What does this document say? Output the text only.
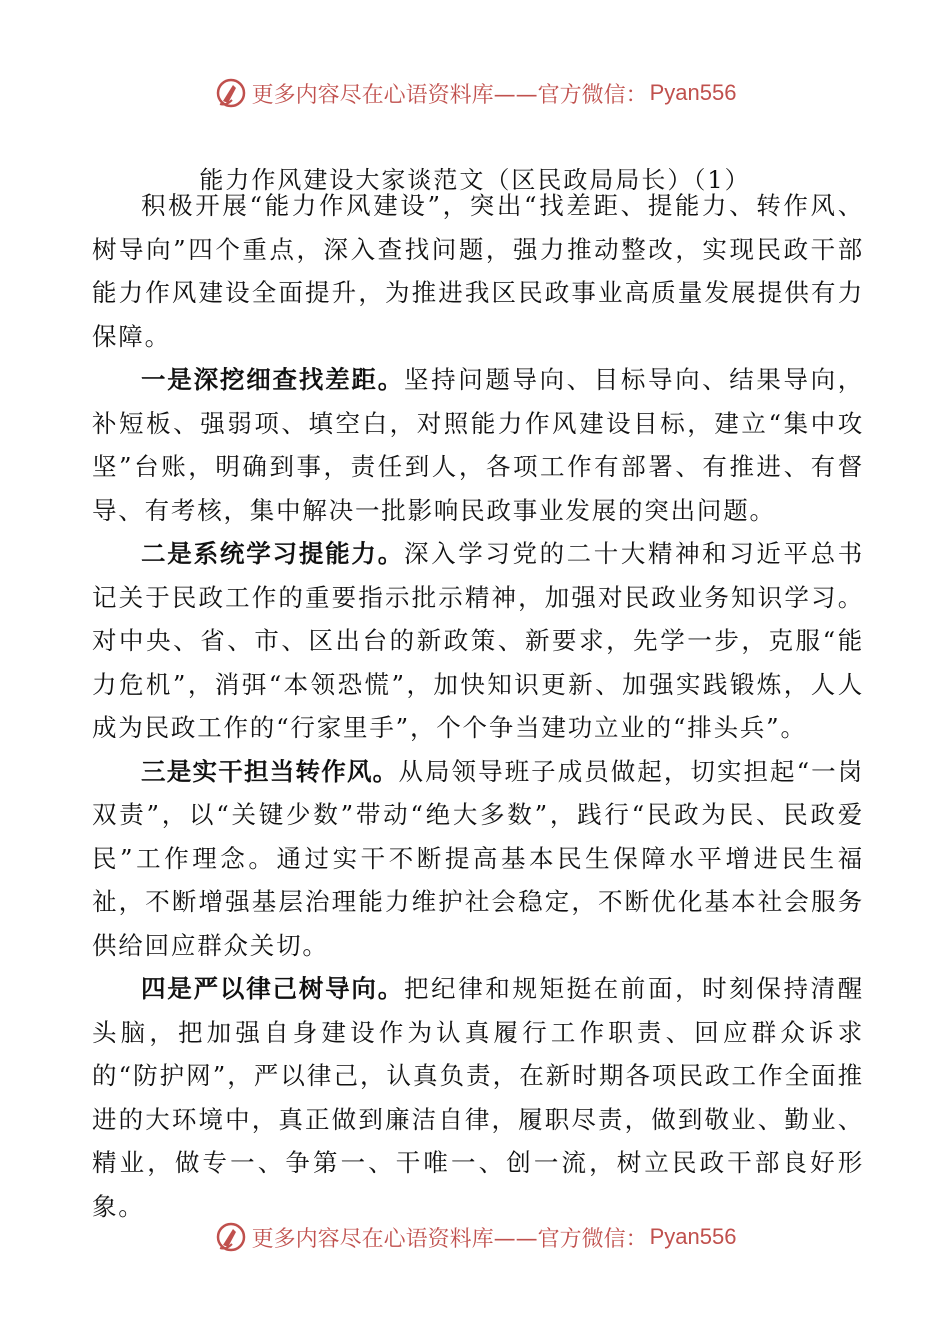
更多内容尽在心语资料库——官方微信： Pyan556
能力作风建设大家谈范文（区民政局局长）（1）

积极开展“能力作风建设”，突出“找差距、提能力、转作风、树导向”四个重点，深入查找问题，强力推动整改，实现民政干部能力作风建设全面提升，为推进我区民政事业高质量发展提供有力保障。

一是深挖细查找差距。坚持问题导向、目标导向、结果导向，补短板、强弱项、填空白，对照能力作风建设目标，建立“集中攻坚”台账，明确到事，责任到人，各项工作有部署、有推进、有督导、有考核，集中解决一批影响民政事业发展的突出问题。

二是系统学习提能力。深入学习党的二十大精神和习近平总书记关于民政工作的重要指示批示精神，加强对民政业务知识学习。对中央、省、市、区出台的新政策、新要求，先学一步，克服“能力危机”，消弭“本领恐慌”，加快知识更新、加强实践锻炼，人人成为民政工作的“行家里手”，个个争当建功立业的“排头兵”。

三是实干担当转作风。从局领导班子成员做起，切实担起“一岗双责”，以“关键少数”带动“绝大多数”，践行“民政为民、民政爱民”工作理念。通过实干不断提高基本民生保障水平增进民生福祉，不断增强基层治理能力维护社会稳定，不断优化基本社会服务供给回应群众关切。

四是严以律己树导向。把纪律和规矩挺在前面，时刻保持清醒头脑，把加强自身建设作为认真履行工作职责、回应群众诉求的“防护网”，严以律己，认真负责，在新时期各项民政工作全面推进的大环境中，真正做到廉洁自律，履职尽责，做到敬业、勤业、精业，做专一、争第一、干唯一、创一流，树立民政干部良好形象。

更多内容尽在心语资料库——官方微信： Pyan556
